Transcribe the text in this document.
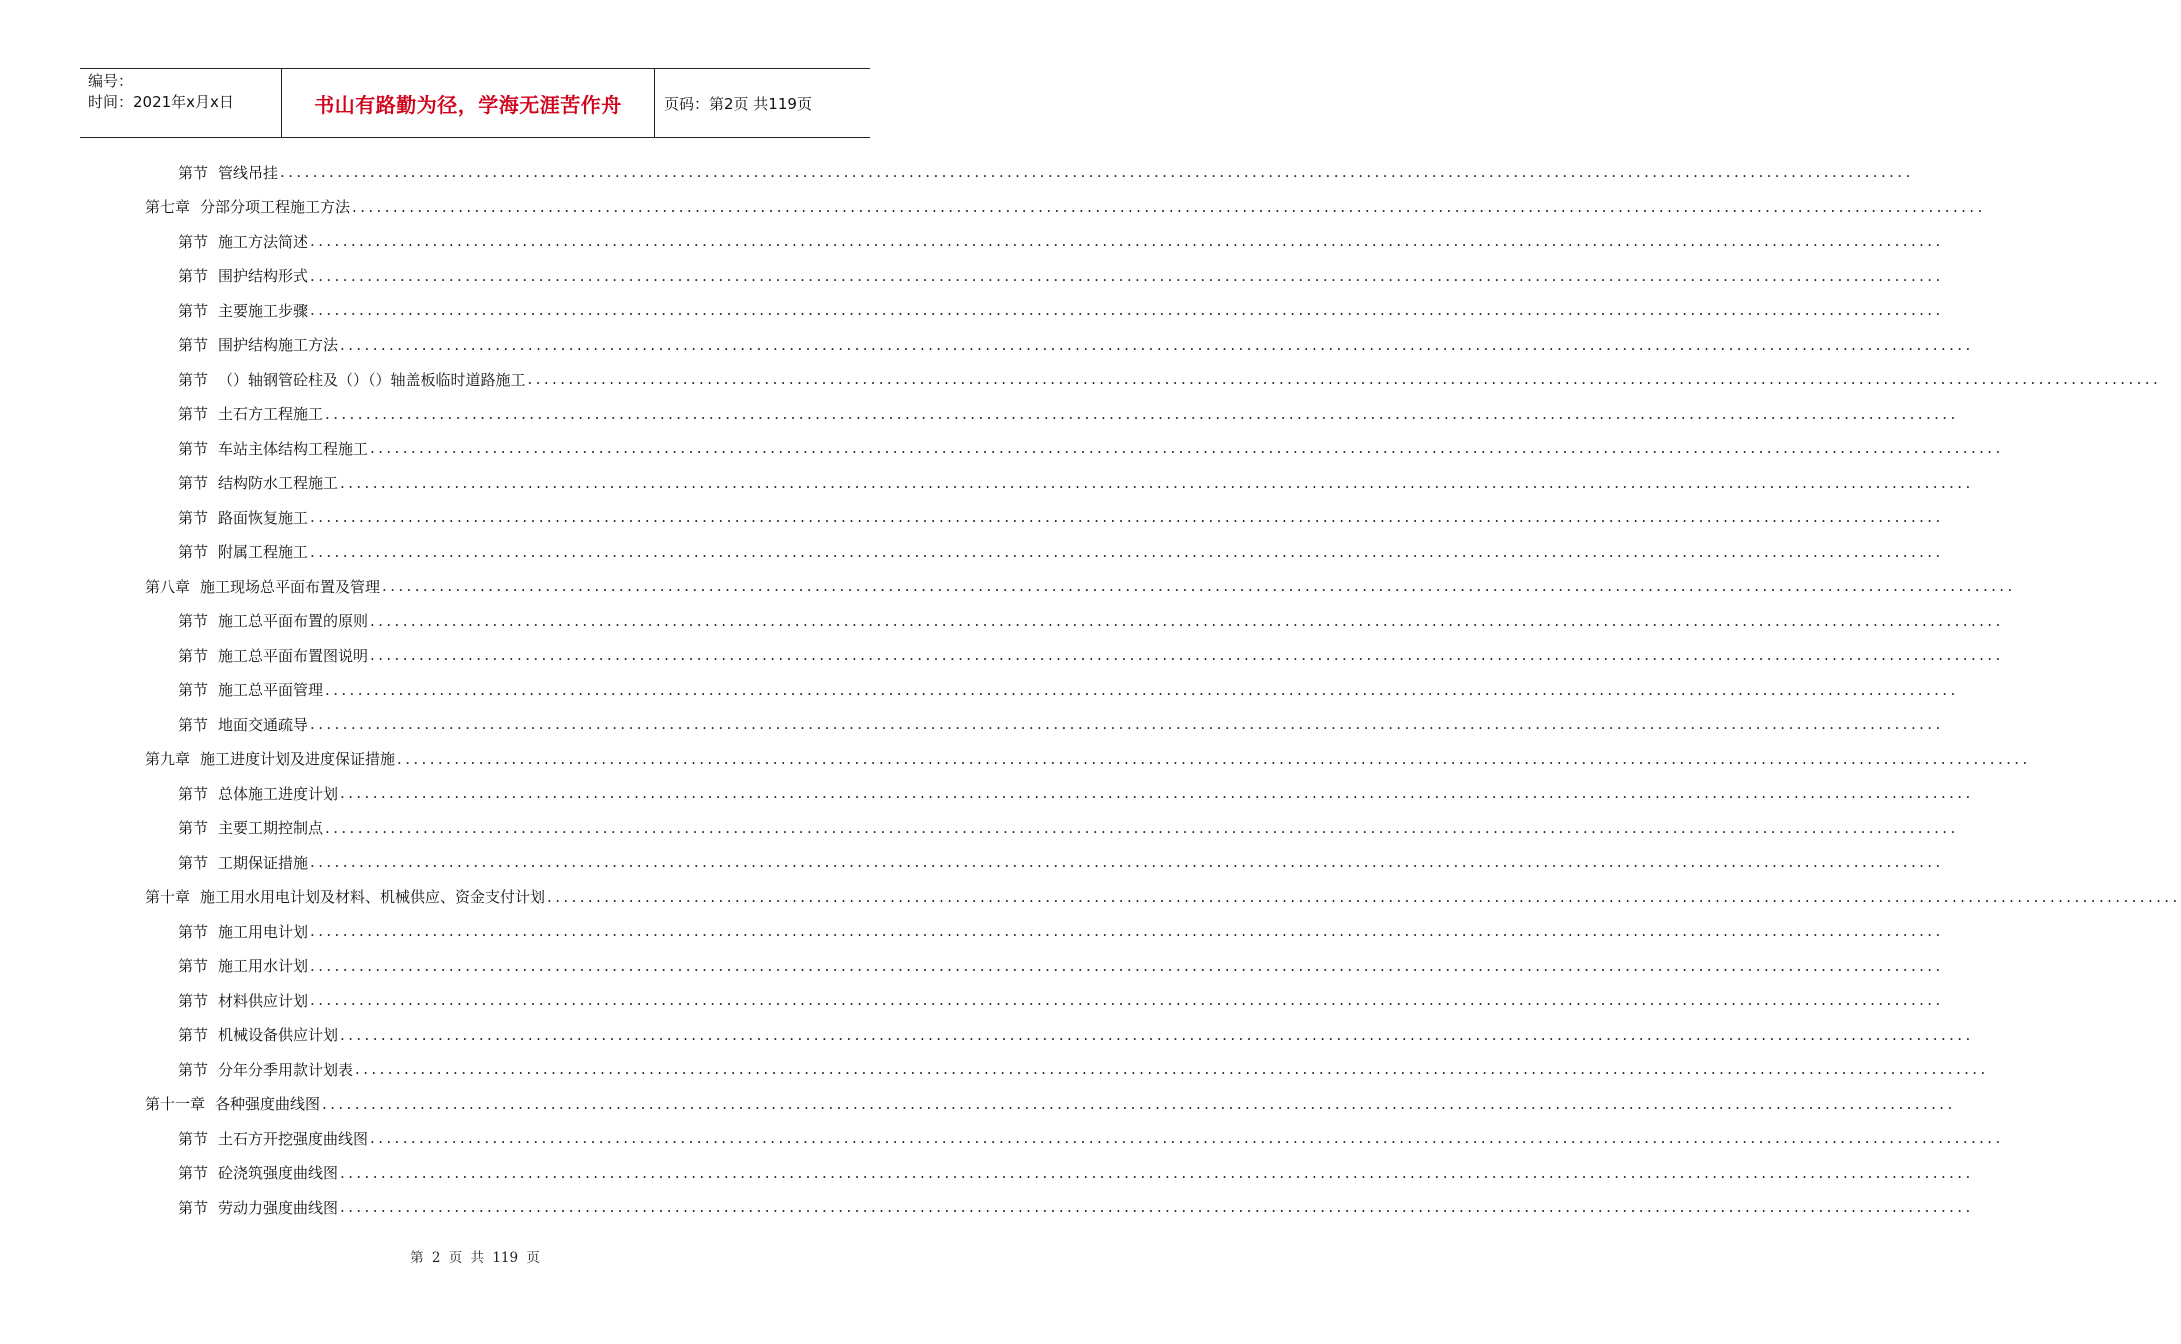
编号：
时间：2021年x月x日	书山有路勤为径，学海无涯苦作舟	页码：第2页 共119页
第节 管线吊挂 ........................................................................................................................................................................................................
第七章 分部分项工程施工方法 ........................................................................................................................................................................................................
第节 施工方法简述 ........................................................................................................................................................................................................
第节 围护结构形式 ........................................................................................................................................................................................................
第节 主要施工步骤 ........................................................................................................................................................................................................
第节 围护结构施工方法 ........................................................................................................................................................................................................
第节 （）轴钢管砼柱及（）（）轴盖板临时道路施工 ........................................................................................................................................................................................................
第节 土石方工程施工 ........................................................................................................................................................................................................
第节 车站主体结构工程施工 ........................................................................................................................................................................................................
第节 结构防水工程施工 ........................................................................................................................................................................................................
第节 路面恢复施工 ........................................................................................................................................................................................................
第节 附属工程施工 ........................................................................................................................................................................................................
第八章 施工现场总平面布置及管理 ........................................................................................................................................................................................................
第节 施工总平面布置的原则 ........................................................................................................................................................................................................
第节 施工总平面布置图说明 ........................................................................................................................................................................................................
第节 施工总平面管理 ........................................................................................................................................................................................................
第节 地面交通疏导 ........................................................................................................................................................................................................
第九章 施工进度计划及进度保证措施 ........................................................................................................................................................................................................
第节 总体施工进度计划 ........................................................................................................................................................................................................
第节 主要工期控制点 ........................................................................................................................................................................................................
第节 工期保证措施 ........................................................................................................................................................................................................
第十章 施工用水用电计划及材料、机械供应、资金支付计划 ........................................................................................................................................................................................................
第节 施工用电计划 ........................................................................................................................................................................................................
第节 施工用水计划 ........................................................................................................................................................................................................
第节 材料供应计划 ........................................................................................................................................................................................................
第节 机械设备供应计划 ........................................................................................................................................................................................................
第节 分年分季用款计划表 ........................................................................................................................................................................................................
第十一章 各种强度曲线图 ........................................................................................................................................................................................................
第节 土石方开挖强度曲线图 ........................................................................................................................................................................................................
第节 砼浇筑强度曲线图 ........................................................................................................................................................................................................
第节 劳动力强度曲线图 ........................................................................................................................................................................................................
第 2 页 共 119 页
